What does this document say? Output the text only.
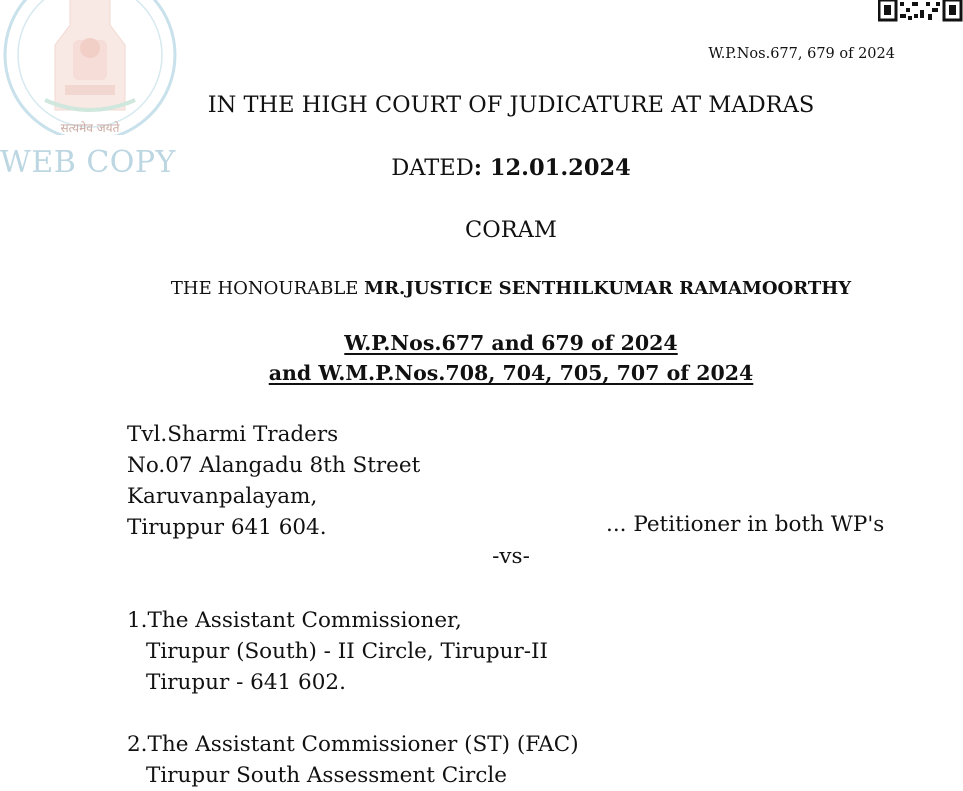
सत्यमेव जयते
WEB COPY
W.P.Nos.677, 679 of 2024
IN THE HIGH COURT OF JUDICATURE AT MADRAS
DATED: 12.01.2024
CORAM
THE HONOURABLE MR.JUSTICE SENTHILKUMAR RAMAMOORTHY
W.P.Nos.677 and 679 of 2024
and W.M.P.Nos.708, 704, 705, 707 of 2024
Tvl.Sharmi Traders
No.07 Alangadu 8th Street
Karuvanpalayam,
Tiruppur 641 604.	... Petitioner in both WP's
-vs-
1.The Assistant Commissioner,
Tirupur (South) - II Circle, Tirupur-II
Tirupur - 641 602.
2.The Assistant Commissioner (ST) (FAC)
Tirupur South Assessment Circle
